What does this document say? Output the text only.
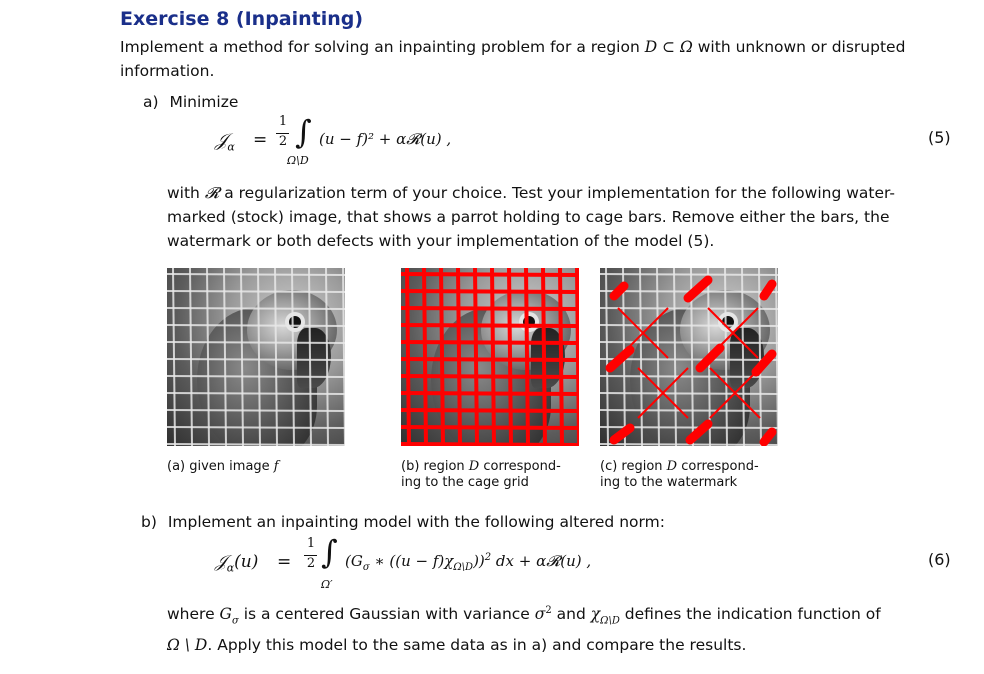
Exercise 8 (Inpainting)
Implement a method for solving an inpainting problem for a region D ⊂ Ω with unknown or disrupted
information.
a) Minimize
𝒥$_\alpha$ =
1
2 ∫
Ω\D
(u − f)² + α𝓡(u) ,	(5)
with 𝓡 a regularization term of your choice. Test your implementation for the following water-
marked (stock) image, that shows a parrot holding to cage bars. Remove either the bars, the
watermark or both defects with your implementation of the model (5).
(a) given image f	(b) region D correspond-
ing to the cage grid
(c) region D correspond-
ing to the watermark
b) Implement an inpainting model with the following altered norm:
𝒥$_\alpha$(u) =
1
2 ∫
Ω′
($G_\sigma$ ∗ $((u - f)\chi_{\Omega\backslash D}))^2$ dx + α𝓡(u) ,	(6)
where $G_\sigma$ is a centered Gaussian with variance $\sigma^2$ and $\chi_{\Omega\backslash D}$ defines the indication function of
Ω \ D. Apply this model to the same data as in a) and compare the results.
